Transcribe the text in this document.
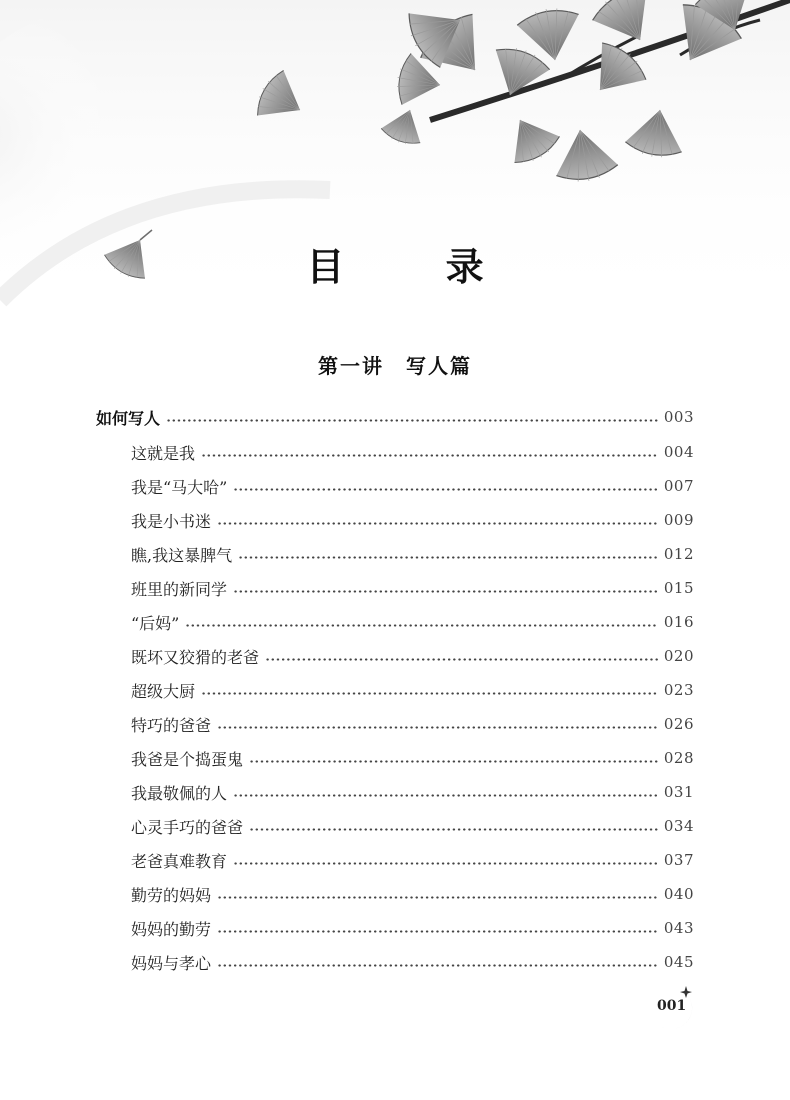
目 录
第一讲 写人篇
如何写人	003
这就是我	004
我是“马大哈”	007
我是小书迷	009
瞧,我这暴脾气	012
班里的新同学	015
“后妈”	016
既坏又狡猾的老爸	020
超级大厨	023
特巧的爸爸	026
我爸是个捣蛋鬼	028
我最敬佩的人	031
心灵手巧的爸爸	034
老爸真难教育	037
勤劳的妈妈	040
妈妈的勤劳	043
妈妈与孝心	045
001
